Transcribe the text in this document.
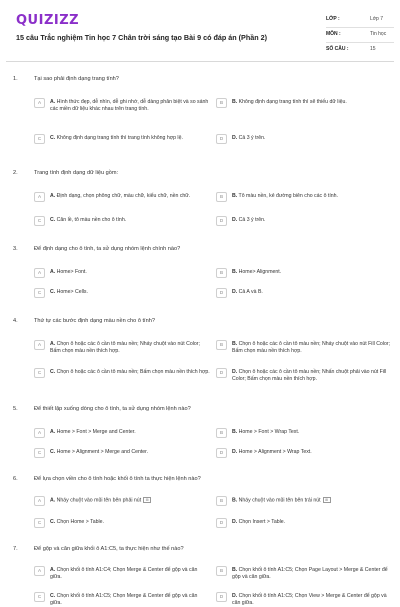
QUIZIZZ
15 câu Trắc nghiệm Tin học 7 Chân trời sáng tạo Bài 9 có đáp án (Phần 2)
LỚP :	Lớp 7
MÔN :	Tin học
SỐ CÂU :	15
1.	Tại sao phải định dạng trang tính?
A	A. Hình thức đẹp, dễ nhìn, dễ ghi nhớ, dễ dàng phân biệt và so sánh các miền dữ liệu khác nhau trên trang tính.
B	B. Không định dạng trang tính thì sẽ thiếu dữ liệu.
C	C. Không định dạng trang tính thì trang tính không hợp lệ.	D	D. Cả 3 ý trên.
2.	Trang tính định dạng dữ liệu gồm:
A	A. Định dạng, chọn phông chữ, màu chữ, kiểu chữ, nền chữ.	B	B. Tô màu nền, kẻ đường biên cho các ô tính.
C	C. Căn lề, tô màu nền cho ô tính.	D	D. Cả 3 ý trên.
3.	Để định dạng cho ô tính, ta sử dụng nhóm lệnh chính nào?
A	A. Home> Font.	B	B. Home> Alignment.
C	C. Home> Cells.	D	D. Cả A và B.
4.	Thứ tự các bước định dạng màu nền cho ô tính?
A	A. Chọn ô hoặc các ô cần tô màu nền; Nháy chuột vào nút Color; Bấm chọn màu nền thích hợp.
B	B. Chọn ô hoặc các ô cần tô màu nền; Nháy chuột vào nút Fill Color; Bấm chọn màu nền thích hợp.
C	C. Chọn ô hoặc các ô cần tô màu nền; Bấm chọn màu nền thích hợp.	D	D. Chọn ô hoặc các ô cần tô màu nền; Nhấn chuột phải vào nút Fill Color; Bấm chọn màu nền thích hợp.
5.	Để thiết lập xuống dòng cho ô tính, ta sử dụng nhóm lệnh nào?
A	A. Home > Font > Merge and Center.	B	B. Home > Font > Wrap Text.
C	C. Home > Alignment > Merge and Center.	D	D. Home > Alignment > Wrap Text.
6.	Để lựa chọn viền cho ô tính hoặc khối ô tính ta thực hiện lệnh nào?
A	A. Nháy chuột vào mũi tên bên phải nút ⊞	B	B. Nháy chuột vào mũi tên bên trái nút ⊞
C	C. Chọn Home > Table.	D	D. Chọn Insert > Table.
7.	Để gộp và căn giữa khối ô A1:C5, ta thực hiện như thế nào?
A	A. Chọn khối ô tính A1:C4; Chọn Merge & Center để gộp và căn giữa.
B	B. Chọn khối ô tính A1:C5; Chọn Page Layout > Merge & Center để gộp và căn giữa.
C	C. Chọn khối ô tính A1:C5; Chọn Merge & Center để gộp và căn giữa.
D	D. Chọn khối ô tính A1:C5; Chọn View > Merge & Center để gộp và căn giữa.
